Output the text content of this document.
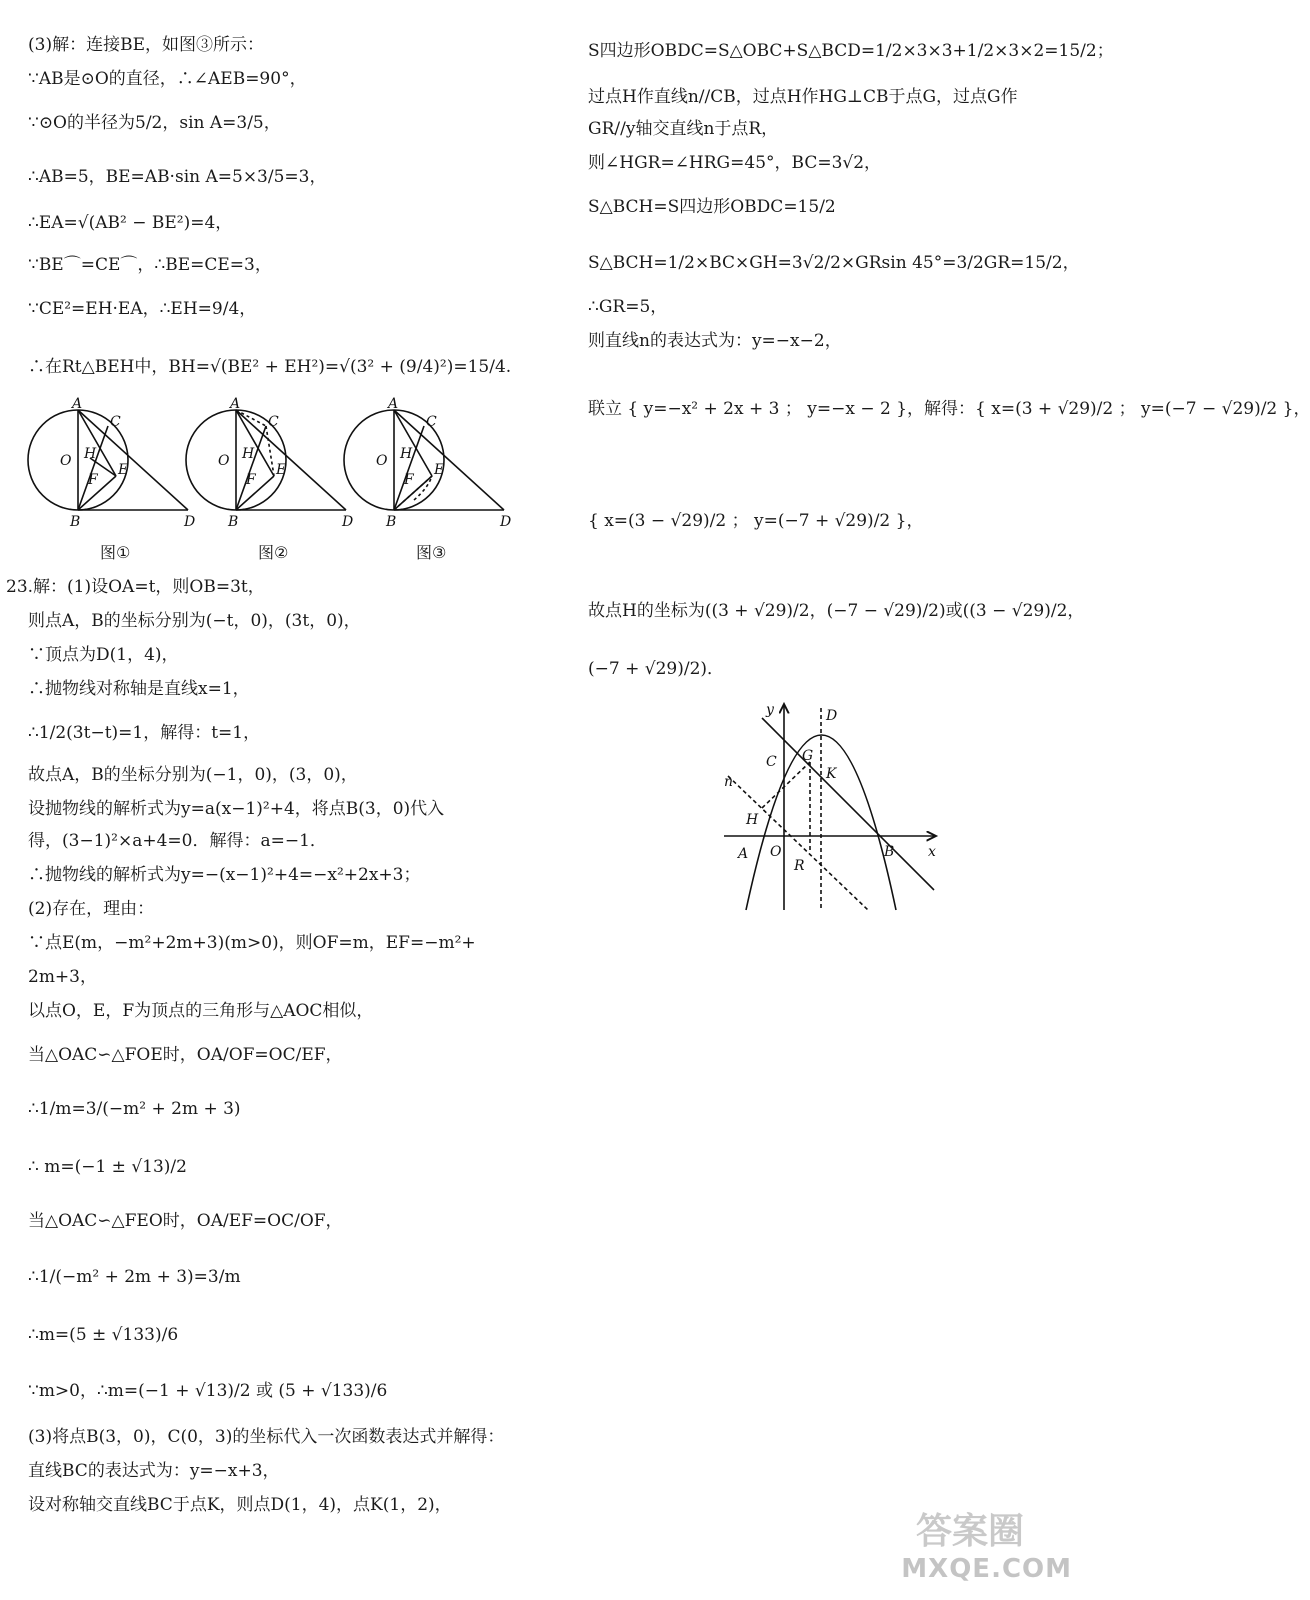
(3)解：连接BE，如图③所示：
∵AB是⊙O的直径，∴∠AEB=90°，
∵⊙O的半径为5/2，sin A=3/5，
∴AB=5，BE=AB·sin A=5×3/5=3，
∴EA=√(AB² − BE²)=4，
∵BE⌒=CE⌒，∴BE=CE=3，
∵CE²=EH·EA，∴EH=9/4，
∴在Rt△BEH中，BH=√(BE² + EH²)=√(3² + (9/4)²)=15/4.
A
C
O H
E
F
B	D
A
C
O H
E
F
B	D
A
C
O H
E
F
B	D
图①	图②	图③
23.解：(1)设OA=t，则OB=3t，
则点A，B的坐标分别为(−t，0)，(3t，0)，
∵顶点为D(1，4)，
∴抛物线对称轴是直线x=1，
∴1/2(3t−t)=1，解得：t=1，
故点A，B的坐标分别为(−1，0)，(3，0)，
设抛物线的解析式为y=a(x−1)²+4，将点B(3，0)代入
得，(3−1)²×a+4=0．解得：a=−1．
∴抛物线的解析式为y=−(x−1)²+4=−x²+2x+3；
(2)存在，理由：
∵点E(m，−m²+2m+3)(m>0)，则OF=m，EF=−m²+
2m+3，
以点O，E，F为顶点的三角形与△AOC相似，
当△OAC∽△FOE时，OA/OF=OC/EF，
∴1/m=3/(−m² + 2m + 3)
∴ m=(−1 ± √13)/2
当△OAC∽△FEO时，OA/EF=OC/OF，
∴1/(−m² + 2m + 3)=3/m
∴m=(5 ± √133)/6
∵m>0，∴m=(−1 + √13)/2 或 (5 + √133)/6
(3)将点B(3，0)，C(0，3)的坐标代入一次函数表达式并解得：
直线BC的表达式为：y=−x+3，
设对称轴交直线BC于点K，则点D(1，4)，点K(1，2)，
S四边形OBDC=S△OBC+S△BCD=1/2×3×3+1/2×3×2=15/2；
过点H作直线n//CB，过点H作HG⊥CB于点G，过点G作
GR//y轴交直线n于点R，
则∠HGR=∠HRG=45°，BC=3√2，
S△BCH=S四边形OBDC=15/2
S△BCH=1/2×BC×GH=3√2/2×GRsin 45°=3/2GR=15/2，
∴GR=5，
则直线n的表达式为：y=−x−2，
联立 { y=−x² + 2x + 3 ； y=−x − 2 }，解得：{ x=(3 + √29)/2 ； y=(−7 − √29)/2 }，
{ x=(3 − √29)/2 ； y=(−7 + √29)/2 }，
故点H的坐标为((3 + √29)/2，(−7 − √29)/2)或((3 − √29)/2，
(−7 + √29)/2)．
y
x
D
C G
K
n
H
A O
R
B
答案圈
MXQE.COM
